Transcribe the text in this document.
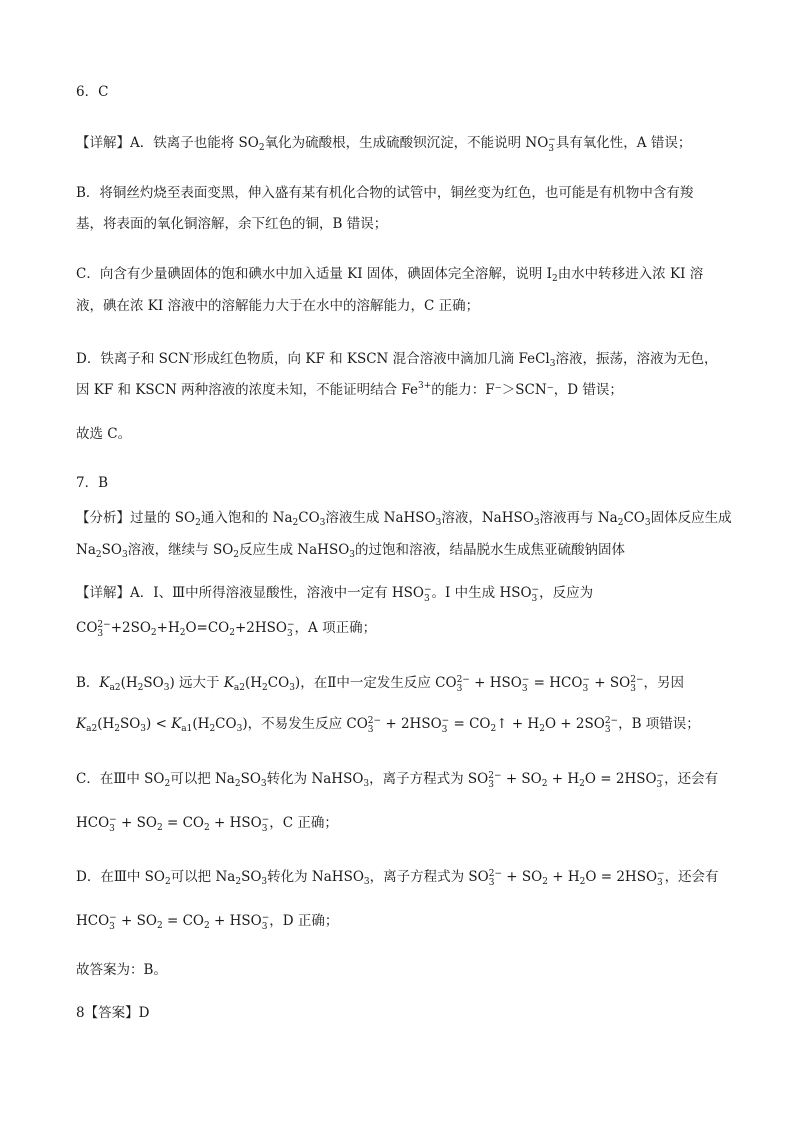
6．C
【详解】A．铁离子也能将 $SO_2$氧化为硫酸根，生成硫酸钡沉淀，不能说明 NO −
3 具有氧化性，A 错误；
B．将铜丝灼烧至表面变黑，伸入盛有某有机化合物的试管中，铜丝变为红色，也可能是有机物中含有羧
基，将表面的氧化铜溶解，余下红色的铜，B 错误；
C．向含有少量碘固体的饱和碘水中加入适量 KI 固体，碘固体完全溶解，说明 $I_2$由水中转移进入浓 KI 溶
液，碘在浓 KI 溶液中的溶解能力大于在水中的溶解能力，C 正确；
D．铁离子和 SCN-形成红色物质，向 KF 和 KSCN 混合溶液中滴加几滴 FeCl$_3$溶液，振荡，溶液为无色，
因 KF 和 KSCN 两种溶液的浓度未知，不能证明结合 $Fe^{3+}$的能力：F⁻＞SCN⁻，D 错误；
故选 C。
7．B
【分析】过量的 $SO_2$通入饱和的 $Na_2CO_3$溶液生成 NaHSO$_3$溶液，NaHSO$_3$溶液再与 $Na_2CO_3$固体反应生成
$Na_2SO_3$溶液，继续与 $SO_2$反应生成 NaHSO$_3$的过饱和溶液，结晶脱水生成焦亚硫酸钠固体
【详解】A．I、Ⅲ中所得溶液显酸性，溶液中一定有 HSO −
3 。I 中生成 HSO −
3 ，反应为
CO 2−
$3 +2SO_2+H_2O=CO_2+2HSO$ −
3 ，A 项正确；
B．$K_{a2}(H_2SO_3)$ 远大于 $K_{a2}(H_2CO_3)$，在Ⅱ中一定发生反应 CO 2−
3 + HSO −
3 = HCO −
3 + SO 2−
3 ，另因
$K_{a2}(H_2SO_3) < K_{a1}(H_2CO_3)$，不易发生反应 CO 2−
3 + 2HSO −
$3 = CO_2↑ + H_2O + 2SO$ 2−
3 ，B 项错误；
C．在Ⅲ中 $SO_2$可以把 $Na_2SO_3$转化为 NaHSO$_3$，离子方程式为 SO 2−
$3 + SO_2 + H_2O = 2HSO$ −
3 ，还会有
HCO −
$3 + SO_2 = CO_2$ + HSO −
3 ，C 正确；
D．在Ⅲ中 $SO_2$可以把 $Na_2SO_3$转化为 NaHSO$_3$，离子方程式为 SO 2−
$3 + SO_2 + H_2O = 2HSO$ −
3 ，还会有
HCO −
$3 + SO_2 = CO_2$ + HSO −
3 ，D 正确；
故答案为：B。
8【答案】D
